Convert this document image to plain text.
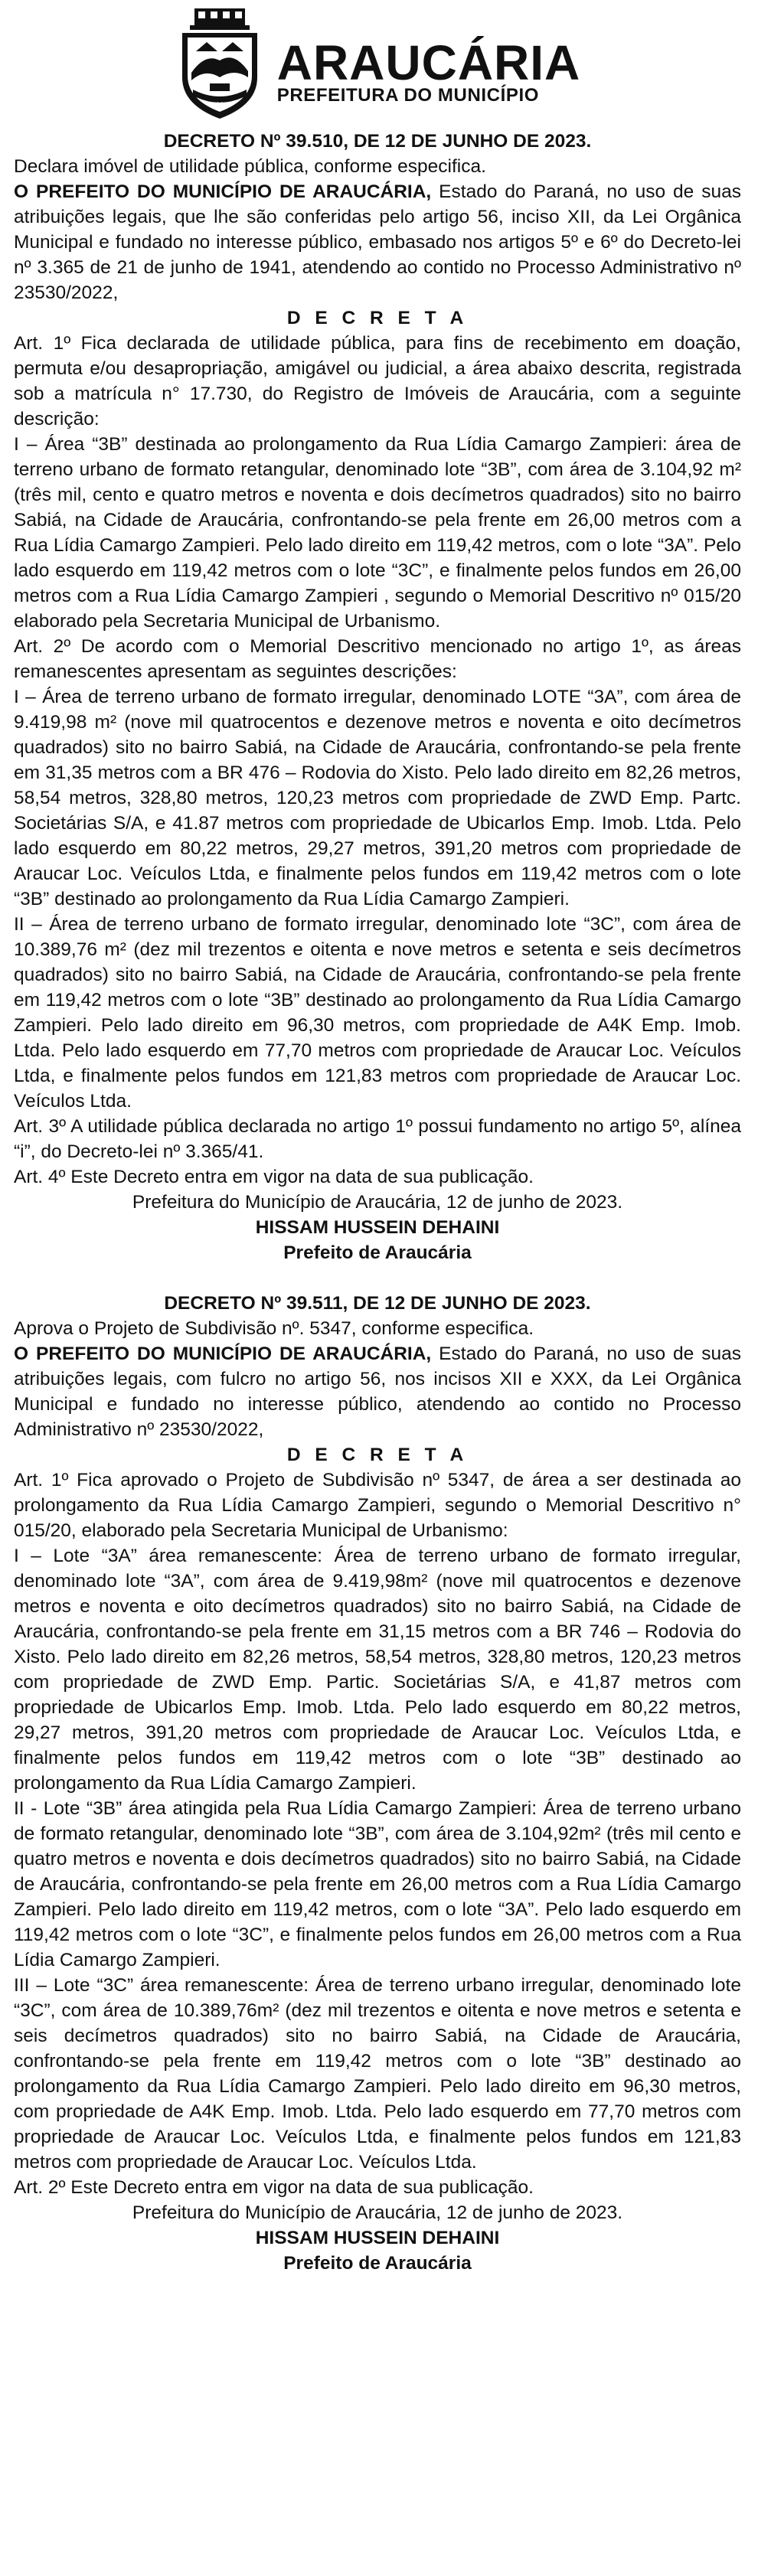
1890
ARAUCÁRIA
PREFEITURA DO MUNICÍPIO

DECRETO Nº 39.510, DE 12 DE JUNHO DE 2023.

Declara imóvel de utilidade pública, conforme especifica.

O PREFEITO DO MUNICÍPIO DE ARAUCÁRIA, Estado do Paraná, no uso de suas atribuições legais, que lhe são conferidas pelo artigo 56, inciso XII, da Lei Orgânica Municipal e fundado no interesse público, embasado nos artigos 5º e 6º do Decreto-lei nº 3.365 de 21 de junho de 1941, atendendo ao contido no Processo Administrativo nº 23530/2022,

D E C R E T A

Art. 1º Fica declarada de utilidade pública, para fins de recebimento em doação, permuta e/ou desapropriação, amigável ou judicial, a área abaixo descrita, registrada sob a matrícula n° 17.730, do Registro de Imóveis de Araucária, com a seguinte descrição:

I – Área “3B” destinada ao prolongamento da Rua Lídia Camargo Zampieri: área de terreno urbano de formato retangular, denominado lote “3B”, com área de 3.104,92 m² (três mil, cento e quatro metros e noventa e dois decímetros quadrados) sito no bairro Sabiá, na Cidade de Araucária, confrontando-se pela frente em 26,00 metros com a Rua Lídia Camargo Zampieri. Pelo lado direito em 119,42 metros, com o lote “3A”. Pelo lado esquerdo em 119,42 metros com o lote “3C”, e finalmente pelos fundos em 26,00 metros com a Rua Lídia Camargo Zampieri , segundo o Memorial Descritivo nº 015/20 elaborado pela Secretaria Municipal de Urbanismo.

Art. 2º De acordo com o Memorial Descritivo mencionado no artigo 1º, as áreas remanescentes apresentam as seguintes descrições:

I – Área de terreno urbano de formato irregular, denominado LOTE “3A”, com área de 9.419,98 m² (nove mil quatrocentos e dezenove metros e noventa e oito decímetros quadrados) sito no bairro Sabiá, na Cidade de Araucária, confrontando-se pela frente em 31,35 metros com a BR 476 – Rodovia do Xisto. Pelo lado direito em 82,26 metros, 58,54 metros, 328,80 metros, 120,23 metros com propriedade de ZWD Emp. Partc. Societárias S/A, e 41.87 metros com propriedade de Ubicarlos Emp. Imob. Ltda. Pelo lado esquerdo em 80,22 metros, 29,27 metros, 391,20 metros com propriedade de Araucar Loc. Veículos Ltda, e finalmente pelos fundos em 119,42 metros com o lote “3B” destinado ao prolongamento da Rua Lídia Camargo Zampieri.

II – Área de terreno urbano de formato irregular, denominado lote “3C”, com área de 10.389,76 m² (dez mil trezentos e oitenta e nove metros e setenta e seis decímetros quadrados) sito no bairro Sabiá, na Cidade de Araucária, confrontando-se pela frente em 119,42 metros com o lote “3B” destinado ao prolongamento da Rua Lídia Camargo Zampieri. Pelo lado direito em 96,30 metros, com propriedade de A4K Emp. Imob. Ltda. Pelo lado esquerdo em 77,70 metros com propriedade de Araucar Loc. Veículos Ltda, e finalmente pelos fundos em 121,83 metros com propriedade de Araucar Loc. Veículos Ltda.

Art. 3º A utilidade pública declarada no artigo 1º possui fundamento no artigo 5º, alínea “i”, do Decreto-lei nº 3.365/41.

Art. 4º Este Decreto entra em vigor na data de sua publicação.

Prefeitura do Município de Araucária, 12 de junho de 2023.

HISSAM HUSSEIN DEHAINI

Prefeito de Araucária

DECRETO Nº 39.511, DE 12 DE JUNHO DE 2023.

Aprova o Projeto de Subdivisão nº. 5347, conforme especifica.

O PREFEITO DO MUNICÍPIO DE ARAUCÁRIA, Estado do Paraná, no uso de suas atribuições legais, com fulcro no artigo 56, nos incisos XII e XXX, da Lei Orgânica Municipal e fundado no interesse público, atendendo ao contido no Processo Administrativo nº 23530/2022,

D E C R E T A

Art. 1º Fica aprovado o Projeto de Subdivisão nº 5347, de área a ser destinada ao prolongamento da Rua Lídia Camargo Zampieri, segundo o Memorial Descritivo n° 015/20, elaborado pela Secretaria Municipal de Urbanismo:

I – Lote “3A” área remanescente: Área de terreno urbano de formato irregular, denominado lote “3A”, com área de 9.419,98m² (nove mil quatrocentos e dezenove metros e noventa e oito decímetros quadrados) sito no bairro Sabiá, na Cidade de Araucária, confrontando-se pela frente em 31,15 metros com a BR 746 – Rodovia do Xisto. Pelo lado direito em 82,26 metros, 58,54 metros, 328,80 metros, 120,23 metros com propriedade de ZWD Emp. Partic. Societárias S/A, e 41,87 metros com propriedade de Ubicarlos Emp. Imob. Ltda. Pelo lado esquerdo em 80,22 metros, 29,27 metros, 391,20 metros com propriedade de Araucar Loc. Veículos Ltda, e finalmente pelos fundos em 119,42 metros com o lote “3B” destinado ao prolongamento da Rua Lídia Camargo Zampieri.

II - Lote “3B” área atingida pela Rua Lídia Camargo Zampieri: Área de terreno urbano de formato retangular, denominado lote “3B”, com área de 3.104,92m² (três mil cento e quatro metros e noventa e dois decímetros quadrados) sito no bairro Sabiá, na Cidade de Araucária, confrontando-se pela frente em 26,00 metros com a Rua Lídia Camargo Zampieri. Pelo lado direito em 119,42 metros, com o lote “3A”. Pelo lado esquerdo em 119,42 metros com o lote “3C”, e finalmente pelos fundos em 26,00 metros com a Rua Lídia Camargo Zampieri.

III – Lote “3C” área remanescente: Área de terreno urbano irregular, denominado lote “3C”, com área de 10.389,76m² (dez mil trezentos e oitenta e nove metros e setenta e seis decímetros quadrados) sito no bairro Sabiá, na Cidade de Araucária, confrontando-se pela frente em 119,42 metros com o lote “3B” destinado ao prolongamento da Rua Lídia Camargo Zampieri. Pelo lado direito em 96,30 metros, com propriedade de A4K Emp. Imob. Ltda. Pelo lado esquerdo em 77,70 metros com propriedade de Araucar Loc. Veículos Ltda, e finalmente pelos fundos em 121,83 metros com propriedade de Araucar Loc. Veículos Ltda.

Art. 2º Este Decreto entra em vigor na data de sua publicação.

Prefeitura do Município de Araucária, 12 de junho de 2023.

HISSAM HUSSEIN DEHAINI

Prefeito de Araucária
